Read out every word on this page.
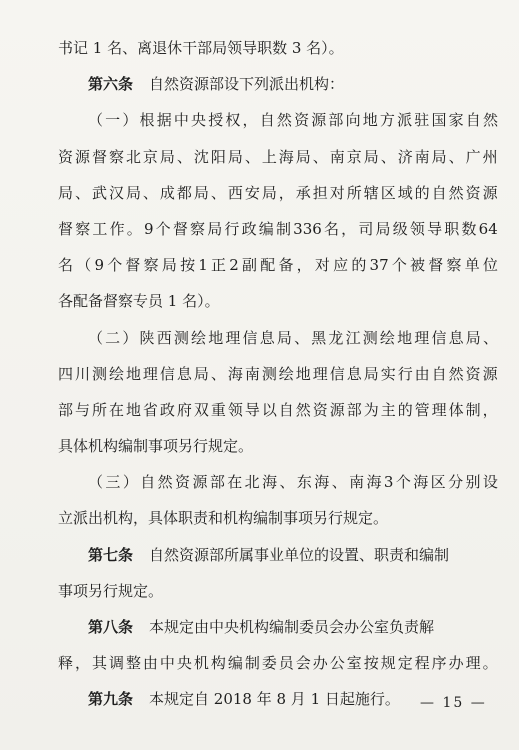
书记 1 名、离退休干部局领导职数 3 名）。
第六条 自然资源部设下列派出机构：
（ 一 ） 根 据 中 央 授 权 ， 自 然 资 源 部 向 地 方 派 驻 国 家 自 然
资 源 督 察 北 京 局 、 沈 阳 局 、 上 海 局 、 南 京 局 、 济 南 局 、 广 州
局 、 武 汉 局 、 成 都 局 、 西 安 局 ， 承 担 对 所 辖 区 域 的 自 然 资 源
督 察 工 作 。 9 个 督 察 局 行 政 编 制 336 名 ， 司 局 级 领 导 职 数 64
名 （ 9 个 督 察 局 按 1 正 2 副 配 备 ， 对 应 的 37 个 被 督 察 单 位
各配备督察专员 1 名）。
（ 二 ） 陕 西 测 绘 地 理 信 息 局 、 黑 龙 江 测 绘 地 理 信 息 局 、
四 川 测 绘 地 理 信 息 局 、 海 南 测 绘 地 理 信 息 局 实 行 由 自 然 资 源
部 与 所 在 地 省 政 府 双 重 领 导 以 自 然 资 源 部 为 主 的 管 理 体 制 ，
具体机构编制事项另行规定。
（ 三 ） 自 然 资 源 部 在 北 海 、 东 海 、 南 海 3 个 海 区 分 别 设
立派出机构，具体职责和机构编制事项另行规定。
第七条 自然资源部所属事业单位的设置、职责和编制
事项另行规定。
第八条 本规定由中央机构编制委员会办公室负责解
释 ， 其 调 整 由 中 央 机 构 编 制 委 员 会 办 公 室 按 规 定 程 序 办 理 。
第九条 本规定自 2018 年 8 月 1 日起施行。 — 15 —
